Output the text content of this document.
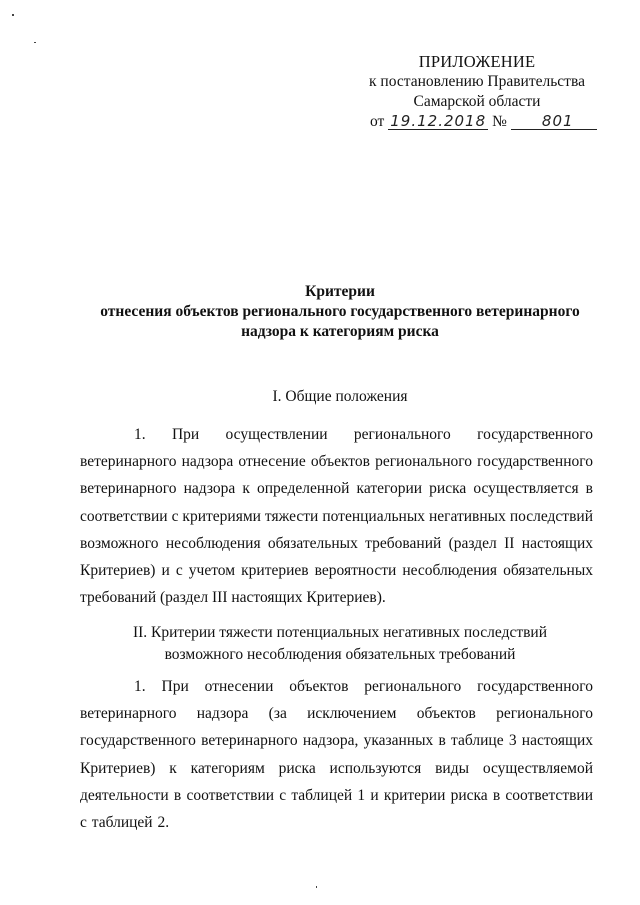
ПРИЛОЖЕНИЕ
к постановлению Правительства
Самарской области
от 19.12.2018 № 801
Критерии
отнесения объектов регионального государственного ветеринарного
надзора к категориям риска
I. Общие положения
1. При осуществлении регионального государственного ветеринарного надзора отнесение объектов регионального государственного ветеринарного надзора к определенной категории риска осуществляется в соответствии с критериями тяжести потенциальных негативных последствий возможного несоблюдения обязательных требований (раздел II настоящих Критериев) и с учетом критериев вероятности несоблюдения обязательных требований (раздел III настоящих Критериев).
II. Критерии тяжести потенциальных негативных последствий
возможного несоблюдения обязательных требований
1. При отнесении объектов регионального государственного ветеринарного надзора (за исключением объектов регионального государственного ветеринарного надзора, указанных в таблице 3 настоящих Критериев) к категориям риска используются виды осуществляемой деятельности в соответствии с таблицей 1 и критерии риска в соответствии с таблицей 2.
